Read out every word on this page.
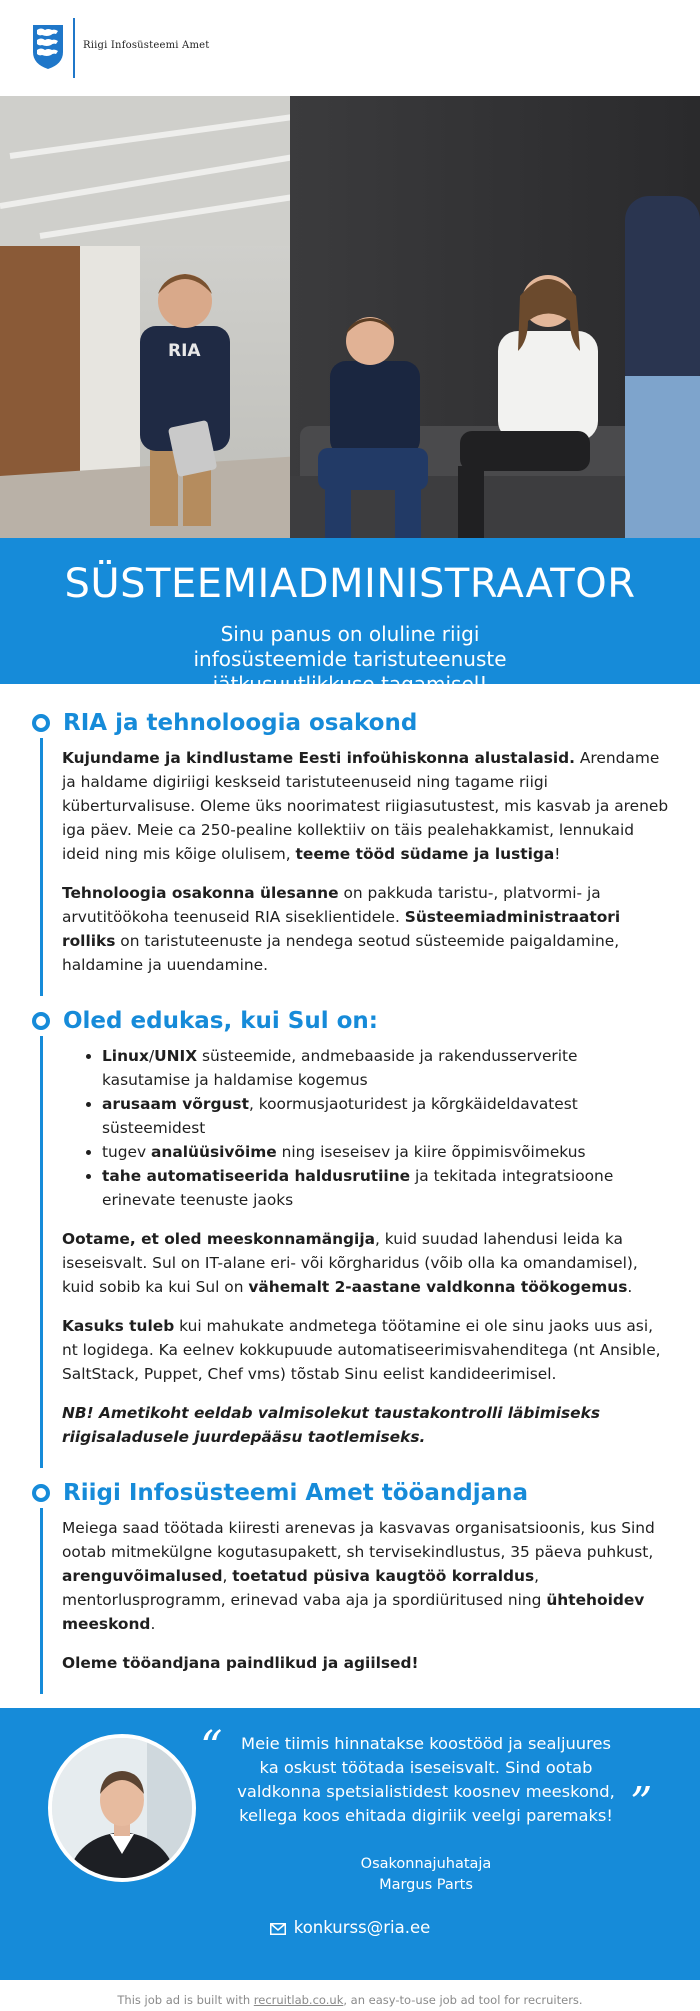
Riigi Infosüsteemi Amet
RIA
SÜSTEEMIADMINISTRAATOR
Sinu panus on oluline riigi infosüsteemide taristuteenuste jätkusuutlikkuse tagamisel!
RIA ja tehnoloogia osakond

Kujundame ja kindlustame Eesti infoühiskonna alustalasid. Arendame ja haldame digiriigi keskseid taristuteenuseid ning tagame riigi küberturvalisuse. Oleme üks noorimatest riigiasutustest, mis kasvab ja areneb iga päev. Meie ca 250-pealine kollektiiv on täis pealehakkamist, lennukaid ideid ning mis kõige olulisem, teeme tööd südame ja lustiga!

Tehnoloogia osakonna ülesanne on pakkuda taristu-, platvormi- ja arvutitöökoha teenuseid RIA siseklientidele. Süsteemiadministraatori rolliks on taristuteenuste ja nendega seotud süsteemide paigaldamine, haldamine ja uuendamine.

Oled edukas, kui Sul on:
• Linux/UNIX süsteemide, andmebaaside ja rakendusserverite kasutamise ja haldamise kogemus
• arusaam võrgust, koormusjaoturidest ja kõrgkäideldavatest süsteemidest
• tugev analüüsivõime ning iseseisev ja kiire õppimisvõimekus
• tahe automatiseerida haldusrutiine ja tekitada integratsioone erinevate teenuste jaoks

Ootame, et oled meeskonnamängija, kuid suudad lahendusi leida ka iseseisvalt. Sul on IT-alane eri- või kõrgharidus (võib olla ka omandamisel), kuid sobib ka kui Sul on vähemalt 2-aastane valdkonna töökogemus.

Kasuks tuleb kui mahukate andmetega töötamine ei ole sinu jaoks uus asi, nt logidega. Ka eelnev kokkupuude automatiseerimisvahenditega (nt Ansible, SaltStack, Puppet, Chef vms) tõstab Sinu eelist kandideerimisel.

NB! Ametikoht eeldab valmisolekut taustakontrolli läbimiseks riigisaladusele juurdepääsu taotlemiseks.

Riigi Infosüsteemi Amet tööandjana

Meiega saad töötada kiiresti arenevas ja kasvavas organisatsioonis, kus Sind ootab mitmekülgne kogutasupakett, sh tervisekindlustus, 35 päeva puhkust, arenguvõimalused, toetatud püsiva kaugtöö korraldus, mentorlusprogramm, erinevad vaba aja ja spordiüritused ning ühtehoidev meeskond.

Oleme tööandjana paindlikud ja agiilsed!

“	Meie tiimis hinnatakse koostööd ja sealjuures ka oskust töötada iseseisvalt. Sind ootab valdkonna spetsialistidest koosnev meeskond, kellega koos ehitada digiriik veelgi paremaks! ”
Osakonnajuhataja
Margus Parts
konkurss@ria.ee
This job ad is built with recruitlab.co.uk, an easy-to-use job ad tool for recruiters.
